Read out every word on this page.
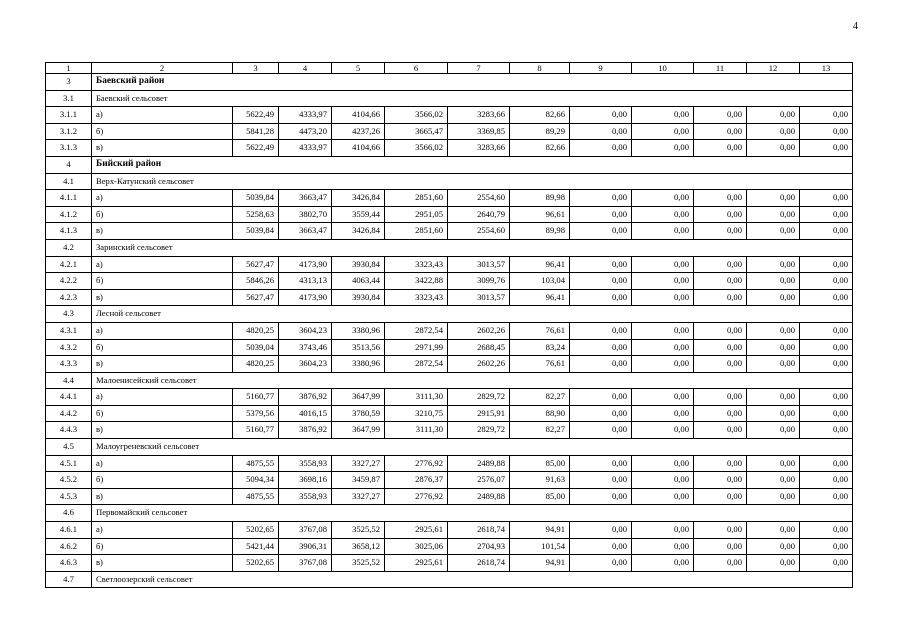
4
1	2	3	4	5	6	7	8	9	10	11	12	13
3	Баевский район											
3.1	Баевский сельсовет											
3.1.1	а)	5622,49	4333,97	4104,66	3566,02	3283,66	82,66	0,00	0,00	0,00	0,00	0,00
3.1.2	б)	5841,28	4473,20	4237,26	3665,47	3369,85	89,29	0,00	0,00	0,00	0,00	0,00
3.1.3	в)	5622,49	4333,97	4104,66	3566,02	3283,66	82,66	0,00	0,00	0,00	0,00	0,00
4	Бийский район											
4.1	Верх-Катунский сельсовет											
4.1.1	а)	5039,84	3663,47	3426,84	2851,60	2554,60	89,98	0,00	0,00	0,00	0,00	0,00
4.1.2	б)	5258,63	3802,70	3559,44	2951,05	2640,79	96,61	0,00	0,00	0,00	0,00	0,00
4.1.3	в)	5039,84	3663,47	3426,84	2851,60	2554,60	89,98	0,00	0,00	0,00	0,00	0,00
4.2	Заринский сельсовет											
4.2.1	а)	5627,47	4173,90	3930,84	3323,43	3013,57	96,41	0,00	0,00	0,00	0,00	0,00
4.2.2	б)	5846,26	4313,13	4063,44	3422,88	3099,76	103,04	0,00	0,00	0,00	0,00	0,00
4.2.3	в)	5627,47	4173,90	3930,84	3323,43	3013,57	96,41	0,00	0,00	0,00	0,00	0,00
4.3	Лесной сельсовет											
4.3.1	а)	4820,25	3604,23	3380,96	2872,54	2602,26	76,61	0,00	0,00	0,00	0,00	0,00
4.3.2	б)	5039,04	3743,46	3513,56	2971,99	2688,45	83,24	0,00	0,00	0,00	0,00	0,00
4.3.3	в)	4820,25	3604,23	3380,96	2872,54	2602,26	76,61	0,00	0,00	0,00	0,00	0,00
4.4	Малоенисейский сельсовет											
4.4.1	а)	5160,77	3876,92	3647,99	3111,30	2829,72	82,27	0,00	0,00	0,00	0,00	0,00
4.4.2	б)	5379,56	4016,15	3780,59	3210,75	2915,91	88,90	0,00	0,00	0,00	0,00	0,00
4.4.3	в)	5160,77	3876,92	3647,99	3111,30	2829,72	82,27	0,00	0,00	0,00	0,00	0,00
4.5	Малоугреневский сельсовет											
4.5.1	а)	4875,55	3558,93	3327,27	2776,92	2489,88	85,00	0,00	0,00	0,00	0,00	0,00
4.5.2	б)	5094,34	3698,16	3459,87	2876,37	2576,07	91,63	0,00	0,00	0,00	0,00	0,00
4.5.3	в)	4875,55	3558,93	3327,27	2776,92	2489,88	85,00	0,00	0,00	0,00	0,00	0,00
4.6	Первомайский сельсовет											
4.6.1	а)	5202,65	3767,08	3525,52	2925,61	2618,74	94,91	0,00	0,00	0,00	0,00	0,00
4.6.2	б)	5421,44	3906,31	3658,12	3025,06	2704,93	101,54	0,00	0,00	0,00	0,00	0,00
4.6.3	в)	5202,65	3767,08	3525,52	2925,61	2618,74	94,91	0,00	0,00	0,00	0,00	0,00
4.7	Светлоозерский сельсовет											
